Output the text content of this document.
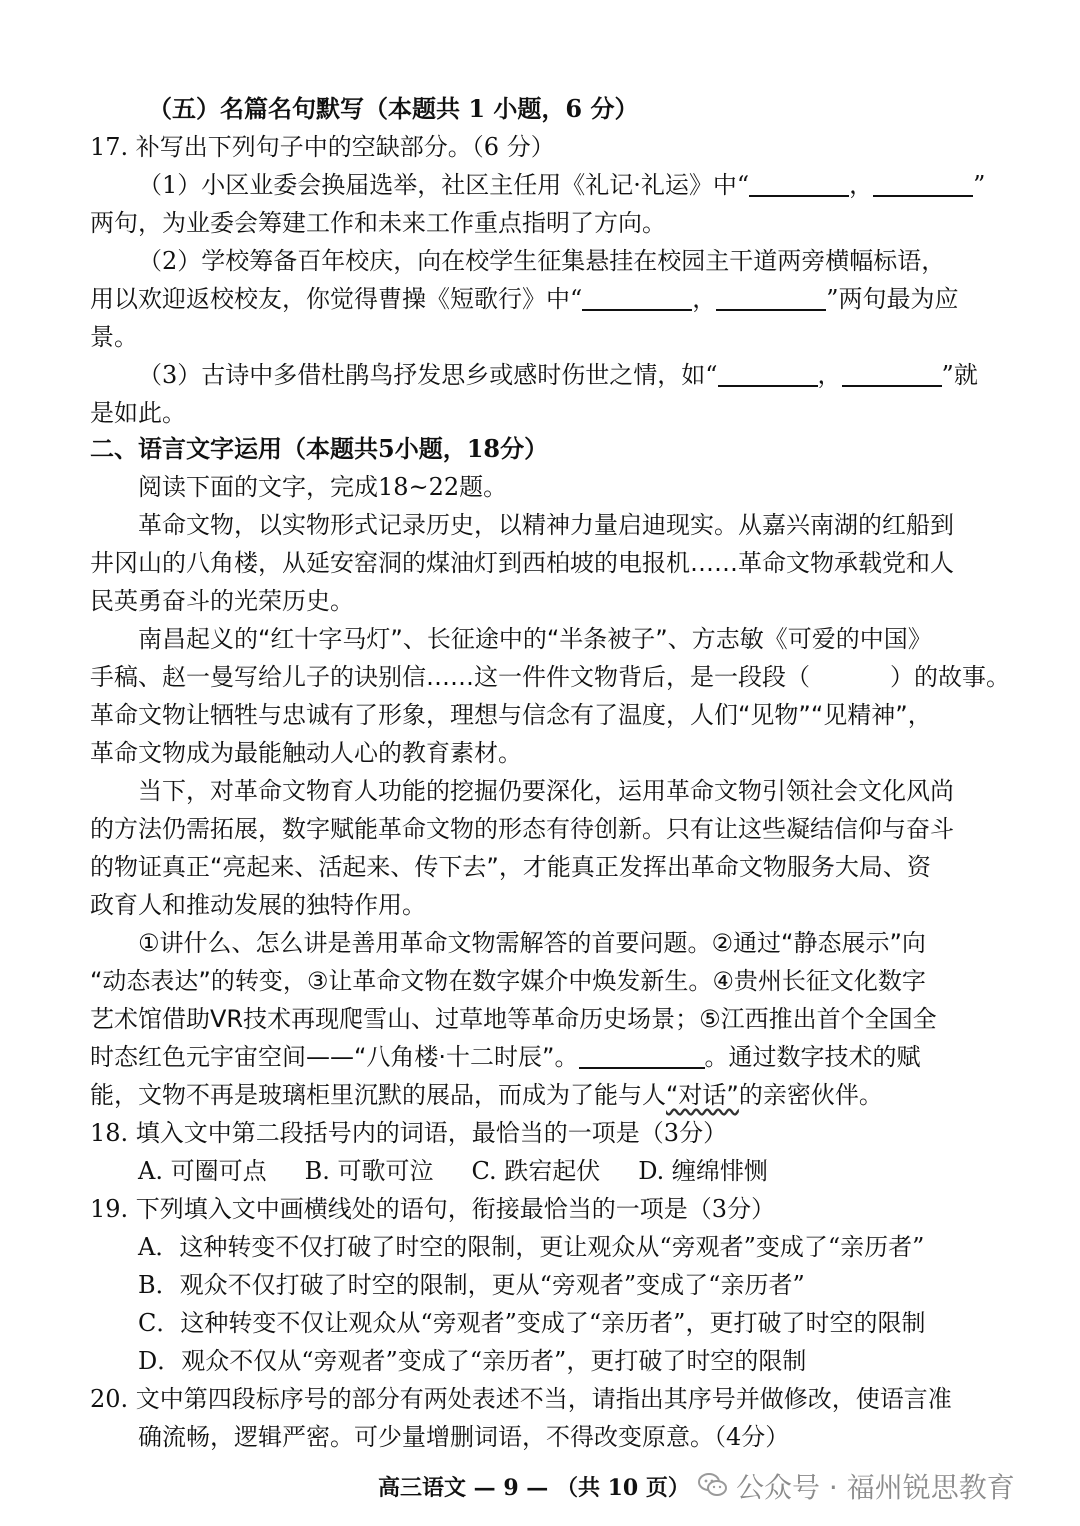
（五）名篇名句默写（本题共 1 小题，6 分）
17. 补写出下列句子中的空缺部分。（6 分）
（1）小区业委会换届选举，社区主任用《礼记·礼运》中“	，	”
两句，为业委会筹建工作和未来工作重点指明了方向。
（2）学校筹备百年校庆，向在校学生征集悬挂在校园主干道两旁横幅标语，
用以欢迎返校校友，你觉得曹操《短歌行》中“	，	”两句最为应
景。
（3）古诗中多借杜鹃鸟抒发思乡或感时伤世之情，如“	，	”就
是如此。
二、语言文字运用（本题共5小题，18分）
阅读下面的文字，完成18~22题。
革命文物，以实物形式记录历史，以精神力量启迪现实。从嘉兴南湖的红船到
井冈山的八角楼，从延安窑洞的煤油灯到西柏坡的电报机……革命文物承载党和人
民英勇奋斗的光荣历史。
南昌起义的“红十字马灯”、长征途中的“半条被子”、方志敏《可爱的中国》
手稿、赵一曼写给儿子的诀别信……这一件件文物背后，是一段段（	）的故事。
革命文物让牺牲与忠诚有了形象，理想与信念有了温度，人们“见物”“见精神”，
革命文物成为最能触动人心的教育素材。
当下，对革命文物育人功能的挖掘仍要深化，运用革命文物引领社会文化风尚
的方法仍需拓展，数字赋能革命文物的形态有待创新。只有让这些凝结信仰与奋斗
的物证真正“亮起来、活起来、传下去”，才能真正发挥出革命文物服务大局、资
政育人和推动发展的独特作用。
①讲什么、怎么讲是善用革命文物需解答的首要问题。②通过“静态展示”向
“动态表达”的转变，③让革命文物在数字媒介中焕发新生。④贵州长征文化数字
艺术馆借助VR技术再现爬雪山、过草地等革命历史场景；⑤江西推出首个全国全
时态红色元宇宙空间——“八角楼·十二时辰”。	。通过数字技术的赋
能，文物不再是玻璃柜里沉默的展品，而成为了能与人“对话”的亲密伙伴。
18. 填入文中第二段括号内的词语，最恰当的一项是（3分）
A. 可圈可点 B. 可歌可泣 C. 跌宕起伏 D. 缠绵悱恻
19. 下列填入文中画横线处的语句，衔接最恰当的一项是（3分）
A．这种转变不仅打破了时空的限制，更让观众从“旁观者”变成了“亲历者”
B．观众不仅打破了时空的限制，更从“旁观者”变成了“亲历者”
C．这种转变不仅让观众从“旁观者”变成了“亲历者”，更打破了时空的限制
D．观众不仅从“旁观者”变成了“亲历者”，更打破了时空的限制
20. 文中第四段标序号的部分有两处表述不当，请指出其序号并做修改，使语言准
确流畅，逻辑严密。可少量增删词语，不得改变原意。（4分）
高三语文 — 9 — （共 10 页）	公众号 · 福州锐思教育
